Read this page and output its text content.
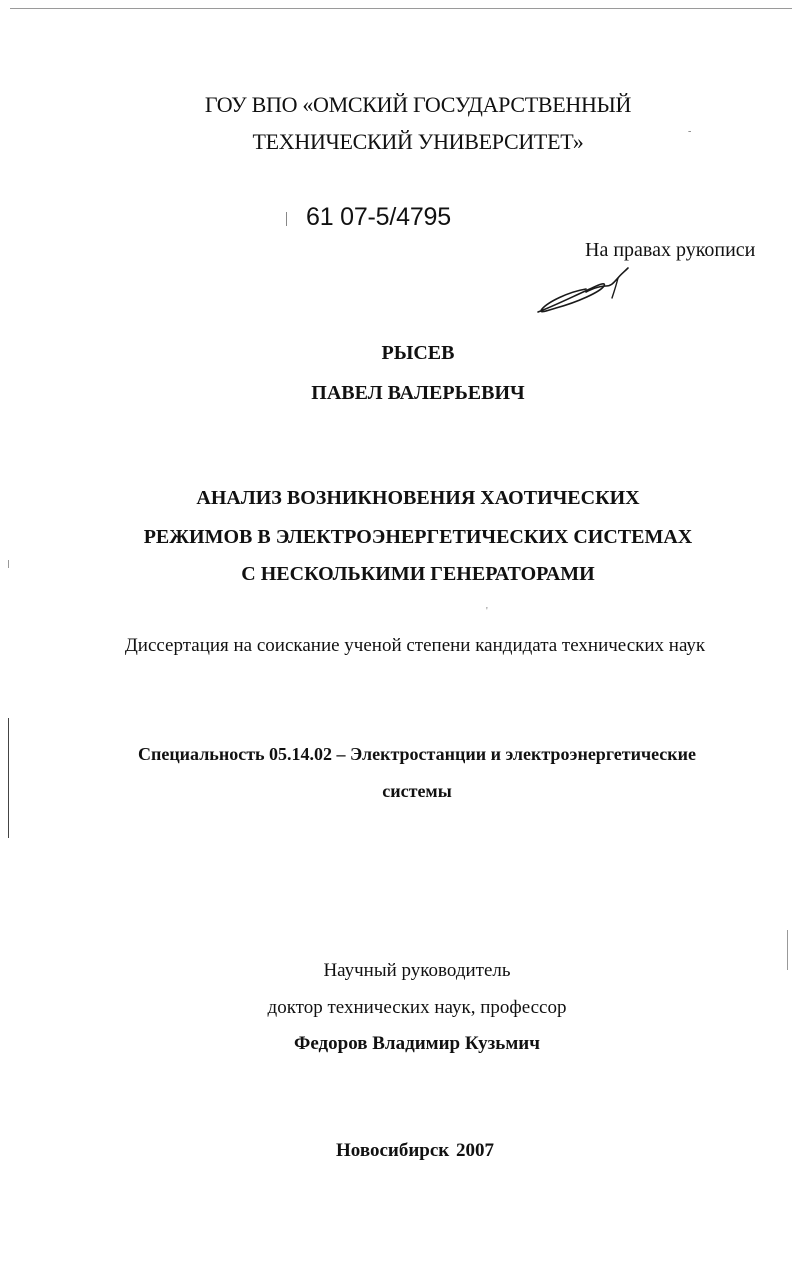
-
'
ГОУ ВПО «ОМСКИЙ ГОСУДАРСТВЕННЫЙ
ТЕХНИЧЕСКИЙ УНИВЕРСИТЕТ»
61 07-5/4795
На правах рукописи
РЫСЕВ
ПАВЕЛ ВАЛЕРЬЕВИЧ
АНАЛИЗ ВОЗНИКНОВЕНИЯ ХАОТИЧЕСКИХ
РЕЖИМОВ В ЭЛЕКТРОЭНЕРГЕТИЧЕСКИХ СИСТЕМАХ
С НЕСКОЛЬКИМИ ГЕНЕРАТОРАМИ
Диссертация на соискание ученой степени кандидата технических наук
Специальность 05.14.02 – Электростанции и электроэнергетические
системы
Научный руководитель
доктор технических наук, профессор
Федоров Владимир Кузьмич
Новосибирск 2007
